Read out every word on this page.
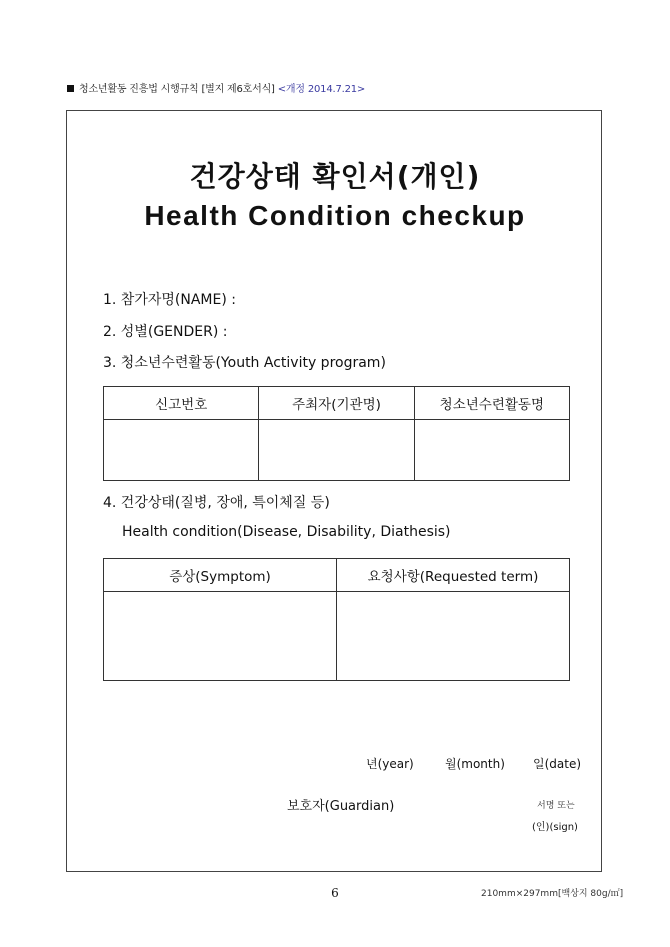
청소년활동 진흥법 시행규칙 [별지 제6호서식] <개정 2014.7.21>
건강상태 확인서(개인)
Health Condition checkup
1. 참가자명(NAME) :
2. 성별(GENDER) :
3. 청소년수련활동(Youth Activity program)
신고번호	주최자(기관명)	청소년수련활동명

4. 건강상태(질병, 장애, 특이체질 등)
Health condition(Disease, Disability, Diathesis)
증상(Symptom)	요청사항(Requested term)

년(year)	월(month) 일(date)
보호자(Guardian)	서명 또는
(인)(sign)
6	210mm×297mm[백상지 80g/㎡]
